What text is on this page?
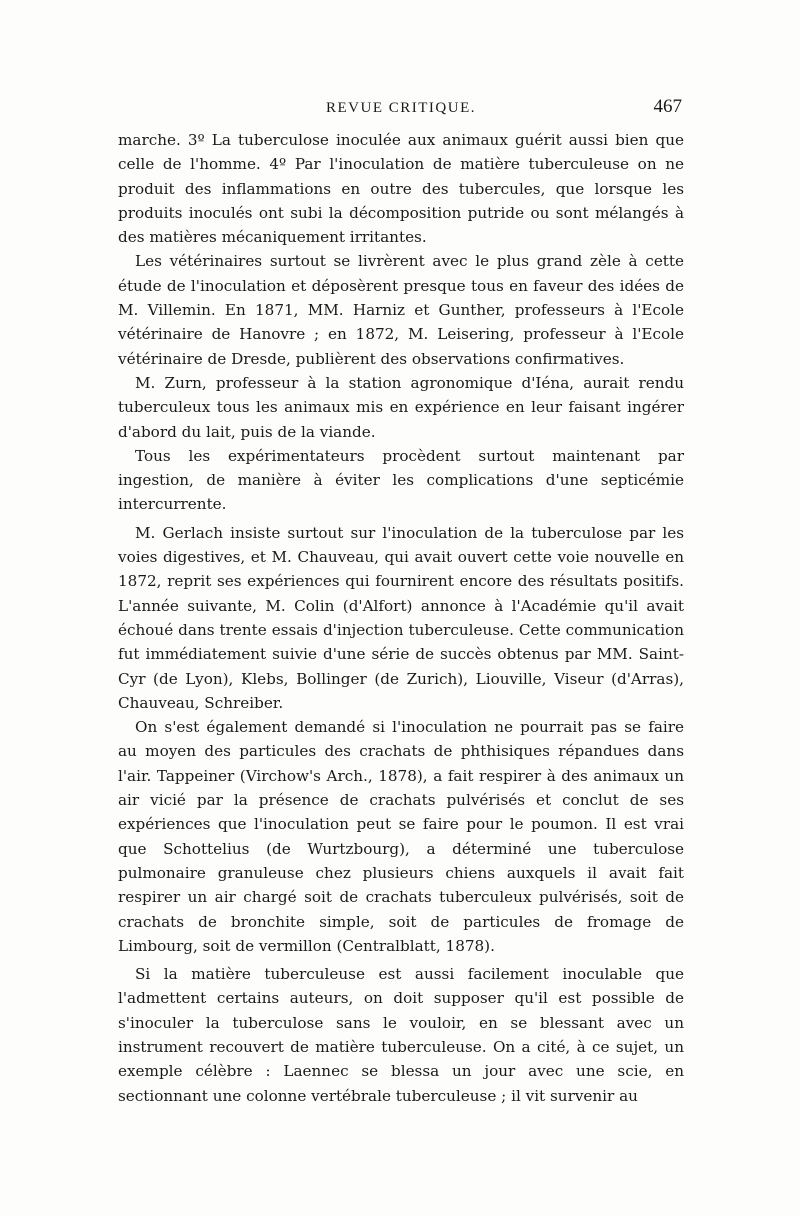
REVUE CRITIQUE.	467

marche. 3º La tuberculose inoculée aux animaux guérit aussi bien que celle de l'homme. 4º Par l'inoculation de matière tuberculeuse on ne produit des inflammations en outre des tubercules, que lorsque les produits inoculés ont subi la décomposition putride ou sont mélangés à des matières mécaniquement irritantes.

Les vétérinaires surtout se livrèrent avec le plus grand zèle à cette étude de l'inoculation et déposèrent presque tous en faveur des idées de M. Villemin. En 1871, MM. Harniz et Gunther, professeurs à l'Ecole vétérinaire de Hanovre ; en 1872, M. Leisering, professeur à l'Ecole vétérinaire de Dresde, publièrent des observations confirmatives.

M. Zurn, professeur à la station agronomique d'Iéna, aurait rendu tuberculeux tous les animaux mis en expérience en leur faisant ingérer d'abord du lait, puis de la viande.

Tous les expérimentateurs procèdent surtout maintenant par ingestion, de manière à éviter les complications d'une septicémie intercurrente.

M. Gerlach insiste surtout sur l'inoculation de la tuberculose par les voies digestives, et M. Chauveau, qui avait ouvert cette voie nouvelle en 1872, reprit ses expériences qui fournirent encore des résultats positifs. L'année suivante, M. Colin (d'Alfort) annonce à l'Académie qu'il avait échoué dans trente essais d'injection tuberculeuse. Cette communication fut immédiatement suivie d'une série de succès obtenus par MM. Saint-Cyr (de Lyon), Klebs, Bollinger (de Zurich), Liouville, Viseur (d'Arras), Chauveau, Schreiber.

On s'est également demandé si l'inoculation ne pourrait pas se faire au moyen des particules des crachats de phthisiques répandues dans l'air. Tappeiner (Virchow's Arch., 1878), a fait respirer à des animaux un air vicié par la présence de crachats pulvérisés et conclut de ses expériences que l'inoculation peut se faire pour le poumon. Il est vrai que Schottelius (de Wurtzbourg), a déterminé une tuberculose pulmonaire granuleuse chez plusieurs chiens auxquels il avait fait respirer un air chargé soit de crachats tuberculeux pulvérisés, soit de crachats de bronchite simple, soit de particules de fromage de Limbourg, soit de vermillon (Centralblatt, 1878).

Si la matière tuberculeuse est aussi facilement inoculable que l'admettent certains auteurs, on doit supposer qu'il est possible de s'inoculer la tuberculose sans le vouloir, en se blessant avec un instrument recouvert de matière tuberculeuse. On a cité, à ce sujet, un exemple célèbre : Laennec se blessa un jour avec une scie, en sectionnant une colonne vertébrale tuberculeuse ; il vit survenir au
